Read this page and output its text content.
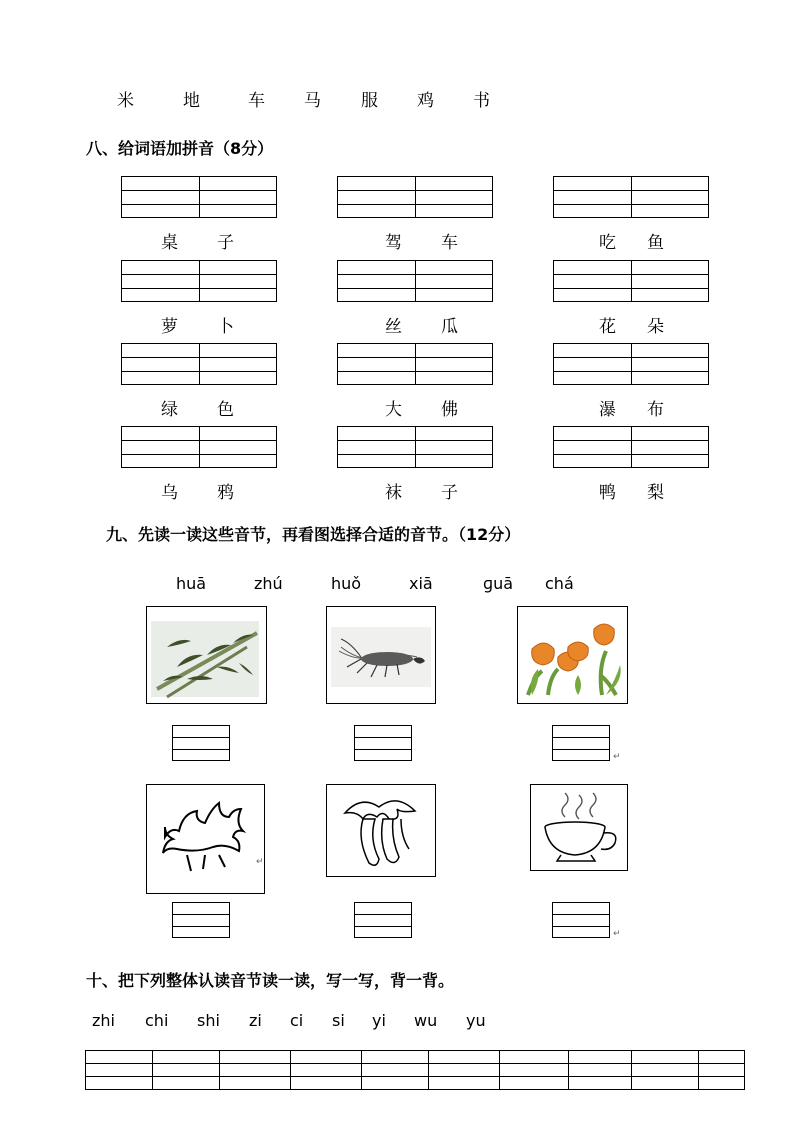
米	地	车 马 服 鸡 书
八、给词语加拼音（8分）
桌 子	驾 车	吃 鱼
萝 卜	丝 瓜	花 朵
绿 色	大 佛	瀑 布
乌 鸦	袜 子	鸭 梨
九、先读一读这些音节，再看图选择合适的音节。（12分）
huā	zhú	huǒ	xiā	ɡuā chá
↵
↵
↵
十、把下列整体认读音节读一读，写一写，背一背。
zhi chi shi zi ci si yi wu yu
